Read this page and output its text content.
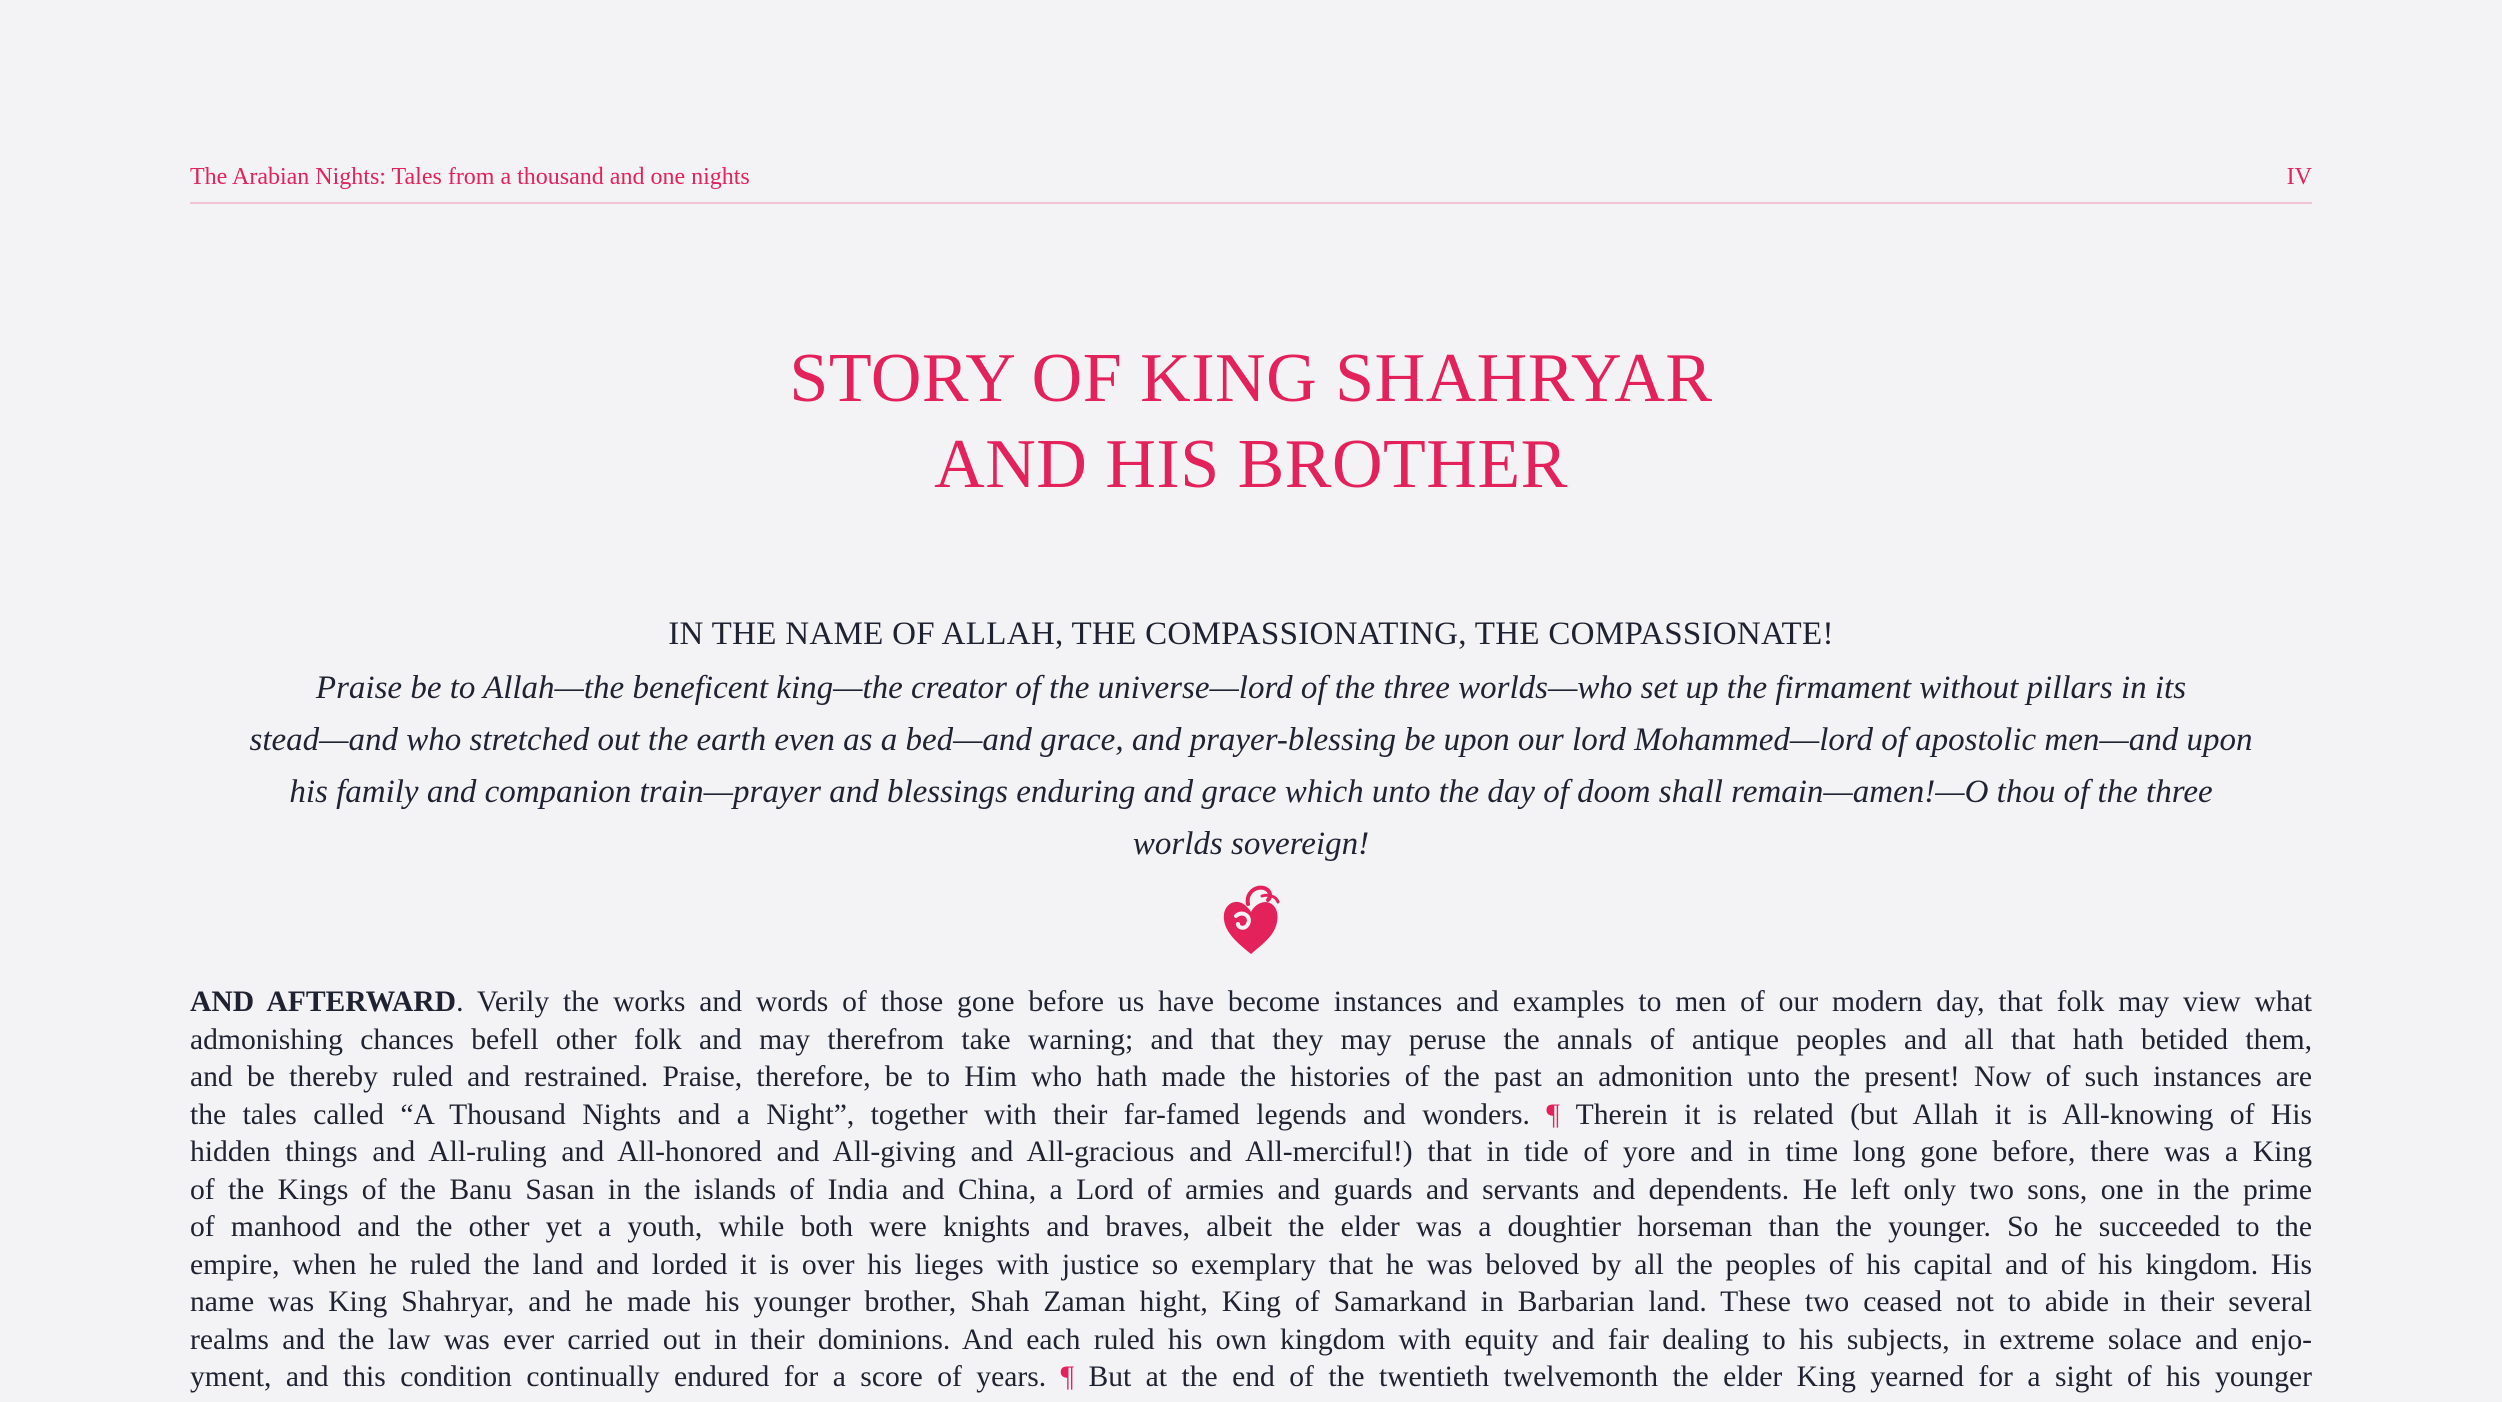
The Arabian Nights: Tales from a thousand and one nights	IV
STORY OF KING SHAHRYAR
AND HIS BROTHER
IN THE NAME OF ALLAH, THE COMPASSIONATING, THE COMPASSIONATE!
Praise be to Allah—the beneficent king—the creator of the universe—lord of the three worlds—who set up the firmament without pillars in its
stead—and who stretched out the earth even as a bed—and grace, and prayer-blessing be upon our lord Mohammed—lord of apostolic men—and upon
his family and companion train—prayer and blessings enduring and grace which unto the day of doom shall remain—amen!—O thou of the three
worlds sovereign!
AND AFTERWARD. Verily the works and words of those gone before us have become instances and examples to men of our modern day, that folk may view what
admonishing chances befell other folk and may therefrom take warning; and that they may peruse the annals of antique peoples and all that hath betided them,
and be thereby ruled and restrained. Praise, therefore, be to Him who hath made the histories of the past an admonition unto the present! Now of such instances are
the tales called “A Thousand Nights and a Night”, together with their far-famed legends and wonders. ¶ Therein it is related (but Allah it is All-knowing of His
hidden things and All-ruling and All-honored and All-giving and All-gracious and All-merciful!) that in tide of yore and in time long gone before, there was a King
of the Kings of the Banu Sasan in the islands of India and China, a Lord of armies and guards and servants and dependents. He left only two sons, one in the prime
of manhood and the other yet a youth, while both were knights and braves, albeit the elder was a doughtier horseman than the younger. So he succeeded to the
empire, when he ruled the land and lorded it is over his lieges with justice so exemplary that he was beloved by all the peoples of his capital and of his kingdom. His
name was King Shahryar, and he made his younger brother, Shah Zaman hight, King of Samarkand in Barbarian land. These two ceased not to abide in their several
realms and the law was ever carried out in their dominions. And each ruled his own kingdom with equity and fair dealing to his subjects, in extreme solace and enjo-
yment, and this condition continually endured for a score of years. ¶ But at the end of the twentieth twelvemonth the elder King yearned for a sight of his younger
